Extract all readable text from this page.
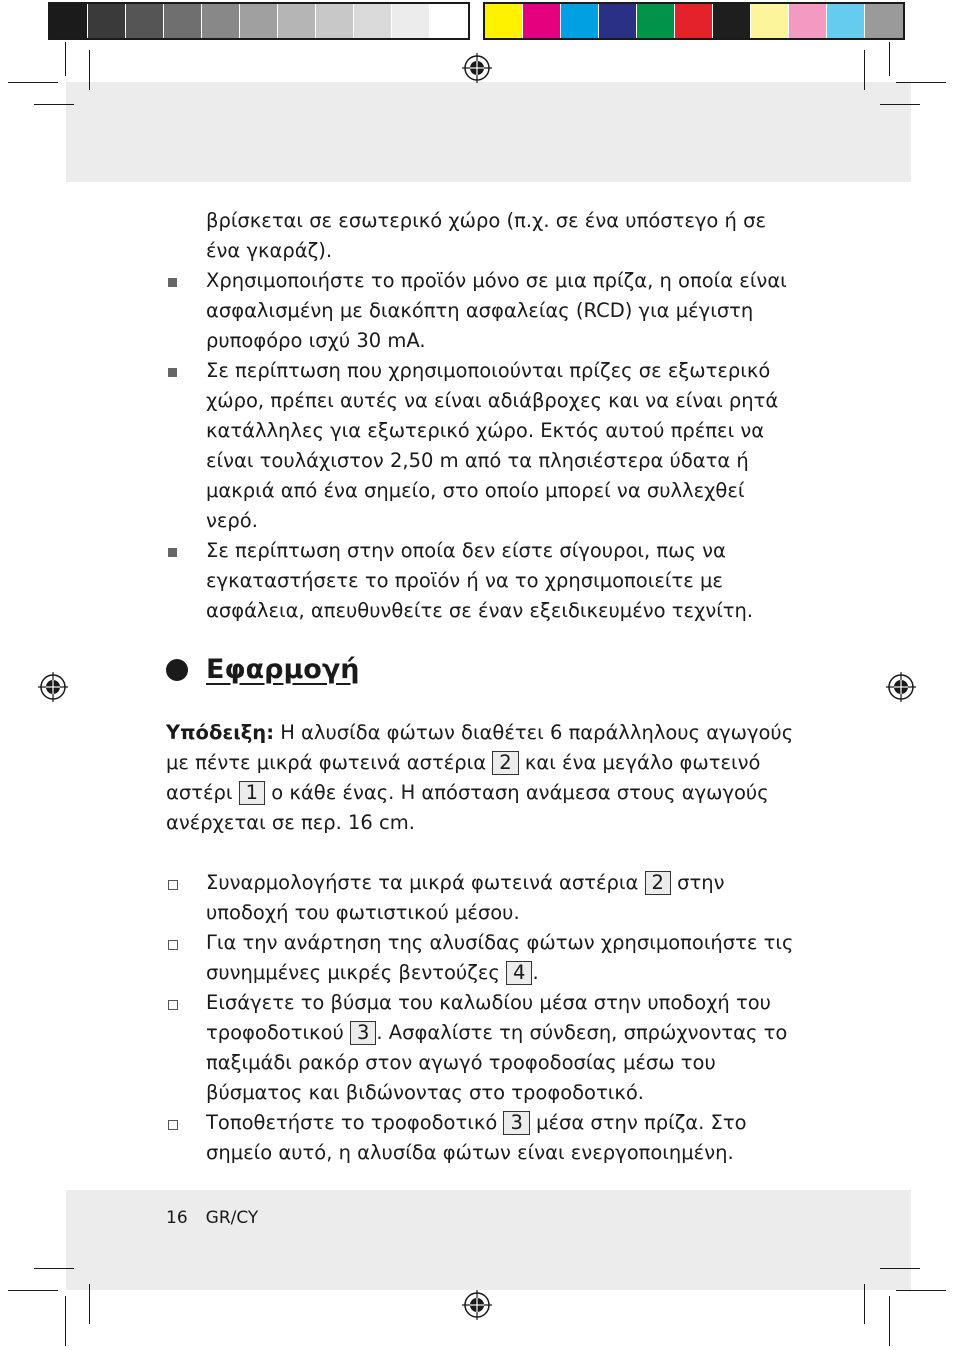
βρίσκεται σε εσωτερικό χώρο (π.χ. σε ένα υπόστεγο ή σε ένα γκαράζ).
Χρησιμοποιήστε το προϊόν μόνο σε μια πρίζα, η οποία είναι ασφαλισμένη με διακόπτη ασφαλείας (RCD) για μέγιστη ρυποφόρο ισχύ 30 mA.
Σε περίπτωση που χρησιμοποιούνται πρίζες σε εξωτερικό χώρο, πρέπει αυτές να είναι αδιάβροχες και να είναι ρητά κατάλληλες για εξωτερικό χώρο. Εκτός αυτού πρέπει να είναι τουλάχιστον 2,50 m από τα πλησιέστερα ύδατα ή μακριά από ένα σημείο, στο οποίο μπορεί να συλλεχθεί νερό.
Σε περίπτωση στην οποία δεν είστε σίγουροι, πως να εγκαταστήσετε το προϊόν ή να το χρησιμοποιείτε με ασφάλεια, απευθυνθείτε σε έναν εξειδικευμένο τεχνίτη.
Εφαρμογή
Υπόδειξη: Η αλυσίδα φώτων διαθέτει 6 παράλληλους αγωγούς με πέντε μικρά φωτεινά αστέρια 2 και ένα μεγάλο φωτεινό αστέρι 1 ο κάθε ένας. Η απόσταση ανάμεσα στους αγωγούς ανέρχεται σε περ. 16 cm.
Συναρμολογήστε τα μικρά φωτεινά αστέρια 2 στην υποδοχή του φωτιστικού μέσου.
Για την ανάρτηση της αλυσίδας φώτων χρησιμοποιήστε τις συνημμένες μικρές βεντούζες 4 .
Εισάγετε το βύσμα του καλωδίου μέσα στην υποδοχή του τροφοδοτικού 3 . Ασφαλίστε τη σύνδεση, σπρώχνοντας το παξιμάδι ρακόρ στον αγωγό τροφοδοσίας μέσω του βύσματος και βιδώνοντας στο τροφοδοτικό.
Τοποθετήστε το τροφοδοτικό 3 μέσα στην πρίζα. Στο σημείο αυτό, η αλυσίδα φώτων είναι ενεργοποιημένη.
16 GR/CY
